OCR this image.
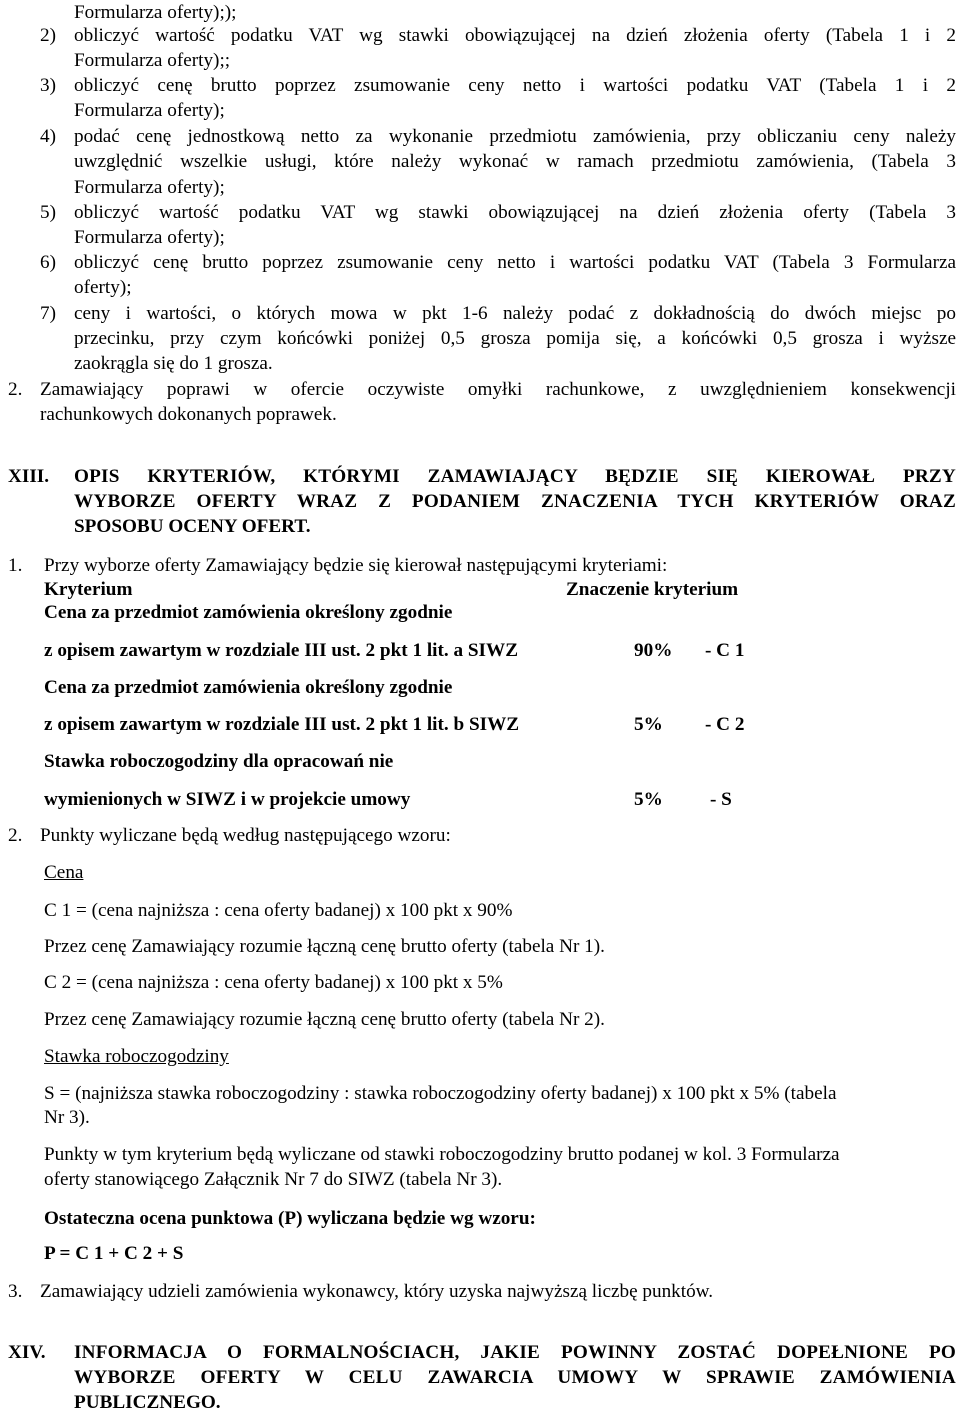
Formularza oferty););
2) obliczyć wartość podatku VAT wg stawki obowiązującej na dzień złożenia oferty (Tabela 1 i 2
Formularza oferty);;
3) obliczyć cenę brutto poprzez zsumowanie ceny netto i wartości podatku VAT (Tabela 1 i 2
Formularza oferty);
4) podać cenę jednostkową netto za wykonanie przedmiotu zamówienia, przy obliczaniu ceny należy
uwzględnić wszelkie usługi, które należy wykonać w ramach przedmiotu zamówienia, (Tabela 3
Formularza oferty);
5) obliczyć wartość podatku VAT wg stawki obowiązującej na dzień złożenia oferty (Tabela 3
Formularza oferty);
6) obliczyć cenę brutto poprzez zsumowanie ceny netto i wartości podatku VAT (Tabela 3 Formularza
oferty);
7) ceny i wartości, o których mowa w pkt 1-6 należy podać z dokładnością do dwóch miejsc po
przecinku, przy czym końcówki poniżej 0,5 grosza pomija się, a końcówki 0,5 grosza i wyższe
zaokrągla się do 1 grosza.
2. Zamawiający poprawi w ofercie oczywiste omyłki rachunkowe, z uwzględnieniem konsekwencji
rachunkowych dokonanych poprawek.
XIII. OPIS KRYTERIÓW, KTÓRYMI ZAMAWIAJĄCY BĘDZIE SIĘ KIEROWAŁ PRZY
WYBORZE OFERTY WRAZ Z PODANIEM ZNACZENIA TYCH KRYTERIÓW ORAZ
SPOSOBU OCENY OFERT.
1. Przy wyborze oferty Zamawiający będzie się kierował następującymi kryteriami:
Kryterium	Znaczenie kryterium
Cena za przedmiot zamówienia określony zgodnie
z opisem zawartym w rozdziale III ust. 2 pkt 1 lit. a SIWZ	90% - C 1
Cena za przedmiot zamówienia określony zgodnie
z opisem zawartym w rozdziale III ust. 2 pkt 1 lit. b SIWZ	5% - C 2
Stawka roboczogodziny dla opracowań nie
wymienionych w SIWZ i w projekcie umowy	5% - S
2. Punkty wyliczane będą według następującego wzoru:
Cena
C 1 = (cena najniższa : cena oferty badanej) x 100 pkt x 90%
Przez cenę Zamawiający rozumie łączną cenę brutto oferty (tabela Nr 1).
C 2 = (cena najniższa : cena oferty badanej) x 100 pkt x 5%
Przez cenę Zamawiający rozumie łączną cenę brutto oferty (tabela Nr 2).
Stawka roboczogodziny
S = (najniższa stawka roboczogodziny : stawka roboczogodziny oferty badanej) x 100 pkt x 5% (tabela
Nr 3).
Punkty w tym kryterium będą wyliczane od stawki roboczogodziny brutto podanej w kol. 3 Formularza
oferty stanowiącego Załącznik Nr 7 do SIWZ (tabela Nr 3).
Ostateczna ocena punktowa (P) wyliczana będzie wg wzoru:
P = C 1 + C 2 + S
3. Zamawiający udzieli zamówienia wykonawcy, który uzyska najwyższą liczbę punktów.
XIV. INFORMACJA O FORMALNOŚCIACH, JAKIE POWINNY ZOSTAĆ DOPEŁNIONE PO
WYBORZE OFERTY W CELU ZAWARCIA UMOWY W SPRAWIE ZAMÓWIENIA
PUBLICZNEGO.
